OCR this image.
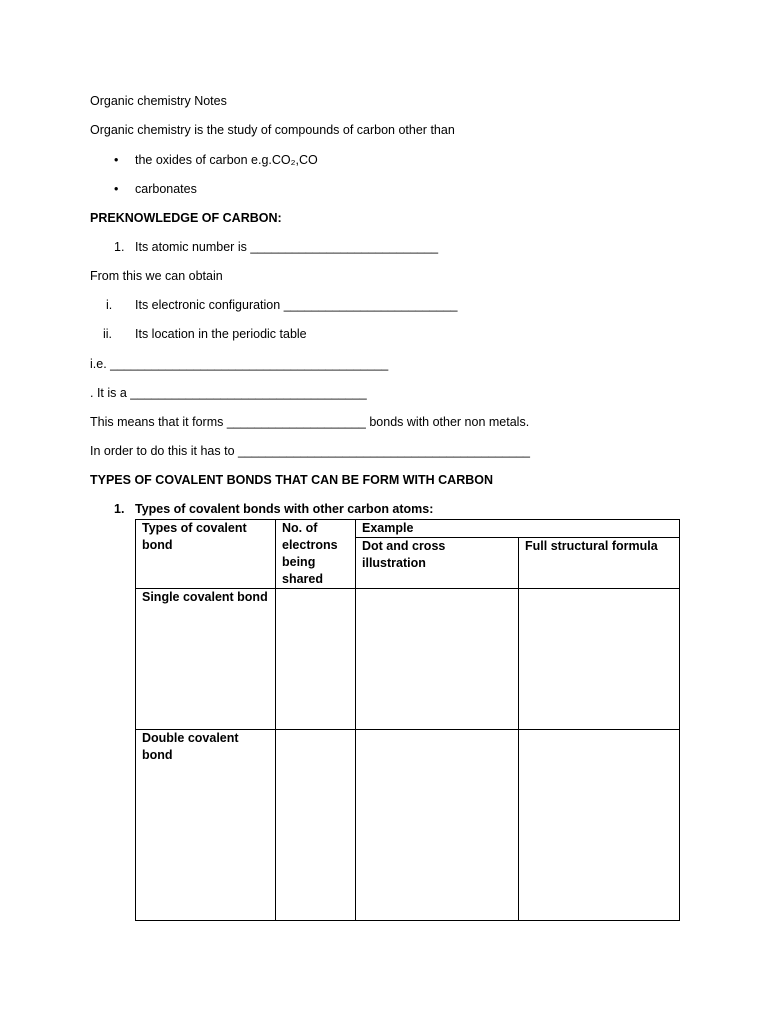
Organic chemistry Notes
Organic chemistry is the study of compounds of carbon other than
• the oxides of carbon e.g.CO₂,CO
• carbonates
PREKNOWLEDGE OF CARBON:
1. Its atomic number is ___________________________
From this we can obtain
i. Its electronic configuration _________________________
ii. Its location in the periodic table
i.e. ________________________________________
. It is a __________________________________
This means that it forms ____________________ bonds with other non metals.
In order to do this it has to __________________________________________
TYPES OF COVALENT BONDS THAT CAN BE FORM WITH CARBON
1. Types of covalent bonds with other carbon atoms:
Types of covalent bond	No. of electrons being shared	Example	
		Dot and cross illustration	Full structural formula
Single covalent bond			
Double covalent bond			
